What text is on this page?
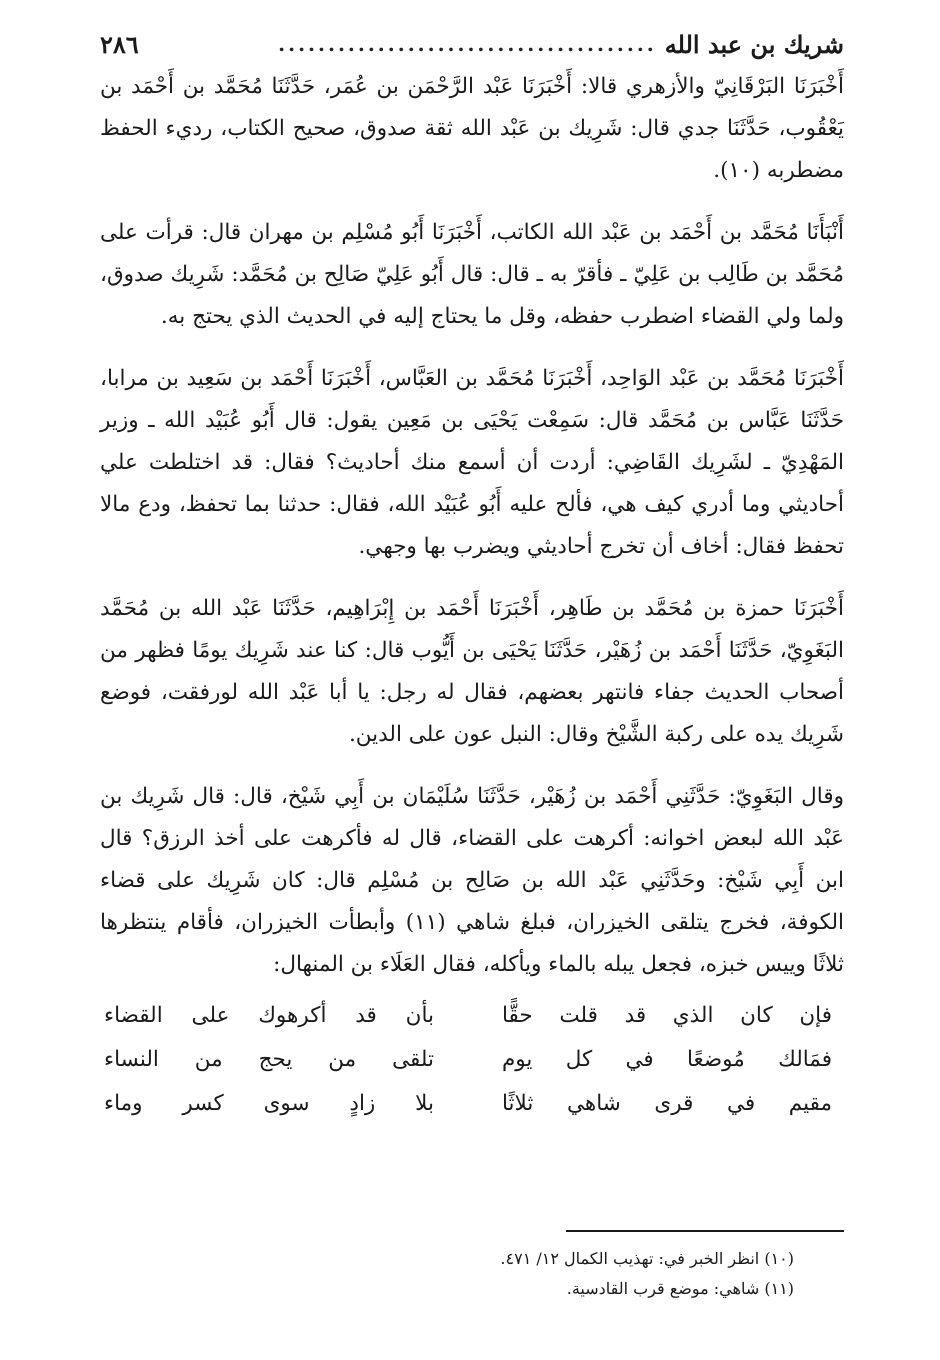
شريك بن عبد الله
......................................
٢٨٦

أَخْبَرَنَا البَرْقَانِيّ والأزهري قالا: أَخْبَرَنَا عَبْد الرَّحْمَن بن عُمَر، حَدَّثَنَا مُحَمَّد بن أَحْمَد بن يَعْقُوب، حَدَّثَنَا جدي قال: شَرِيك بن عَبْد الله ثقة صدوق، صحيح الكتاب، رديء الحفظ مضطربه (١٠).

أَنْبَأَنَا مُحَمَّد بن أَحْمَد بن عَبْد الله الكاتب، أَخْبَرَنَا أَبُو مُسْلِم بن مهران قال: قرأت على مُحَمَّد بن طَالِب بن عَلِيّ ـ فأقرّ به ـ قال: قال أَبُو عَلِيّ صَالِح بن مُحَمَّد: شَرِيك صدوق، ولما ولي القضاء اضطرب حفظه، وقل ما يحتاج إليه في الحديث الذي يحتج به.

أَخْبَرَنَا مُحَمَّد بن عَبْد الوَاحِد، أَخْبَرَنَا مُحَمَّد بن العَبَّاس، أَخْبَرَنَا أَحْمَد بن سَعِيد بن مرابا، حَدَّثَنَا عَبَّاس بن مُحَمَّد قال: سَمِعْت يَحْيَى بن مَعِين يقول: قال أَبُو عُبَيْد الله ـ وزير المَهْدِيّ ـ لشَرِيك القَاضِي: أردت أن أسمع منك أحاديث؟ فقال: قد اختلطت علي أحاديثي وما أدري كيف هي، فألح عليه أَبُو عُبَيْد الله، فقال: حدثنا بما تحفظ، ودع مالا تحفظ فقال: أخاف أن تخرج أحاديثي ويضرب بها وجهي.

أَخْبَرَنَا حمزة بن مُحَمَّد بن طَاهِر، أَخْبَرَنَا أَحْمَد بن إِبْرَاهِيم، حَدَّثَنَا عَبْد الله بن مُحَمَّد البَغَوِيّ، حَدَّثَنَا أَحْمَد بن زُهَيْر، حَدَّثَنَا يَحْيَى بن أَيُّوب قال: كنا عند شَرِيك يومًا فظهر من أصحاب الحديث جفاء فانتهر بعضهم، فقال له رجل: يا أبا عَبْد الله لورفقت، فوضع شَرِيك يده على ركبة الشَّيْخ وقال: النبل عون على الدين.

وقال البَغَوِيّ: حَدَّثَنِي أَحْمَد بن زُهَيْر، حَدَّثَنَا سُلَيْمَان بن أَبِي شَيْخ، قال: قال شَرِيك بن عَبْد الله لبعض اخوانه: أكرهت على القضاء، قال له فأكرهت على أخذ الرزق؟ قال ابن أَبِي شَيْخ: وحَدَّثَنِي عَبْد الله بن صَالِح بن مُسْلِم قال: كان شَرِيك على قضاء الكوفة، فخرج يتلقى الخيزران، فبلغ شاهي (١١) وأبطأت الخيزران، فأقام ينتظرها ثلاثًا وييس خبزه، فجعل يبله بالماء ويأكله، فقال العَلَاء بن المنهال:

فإن كان الذي قد قلت حقًّا
بأن قد أكرهوك على القضاء
فمَالك مُوضعًا في كل يوم
تلقى من يحج من النساء
مقيم في قرى شاهي ثلاثًا
بلا زادٍ سوى كسر وماء

(١٠) انظر الخبر في: تهذيب الكمال ١٢/ ٤٧١.

(١١) شاهي: موضع قرب القادسية.
